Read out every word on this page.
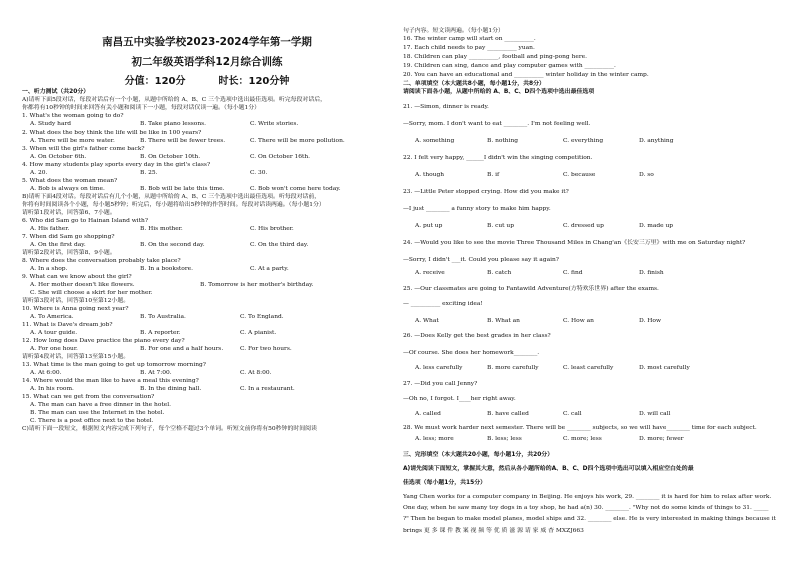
南昌五中实验学校2023-2024学年第一学期
初二年级英语学科12月综合训练
分值：120分	时长：120分钟
一、听力测试（共20分）
A)请听下面5段对话，每段对话后有一个小题，从题中所给的 A、B、C 三个选项中选出最佳选项。听完每段对话后，
你都将有10秒钟的时间来回答有关小题和阅读下一小题，每段对话仅读一遍。（每小题1分）
1. What's the woman going to do?
A. Study hard	B. Take piano lessons.	C. Write stories.
2. What does the boy think the life will be like in 100 years?
A. There will be more water.	B. There will be fewer trees.	C. There will be more pollution.
3. When will the girl's father come back?
A. On October 6th.	B. On October 10th.	C. On October 16th.
4. How many students play sports every day in the girl's class?
A. 20.	B. 25.	C. 30.
5. What does the woman mean?
A. Bob is always on time.	B. Bob will be late this time.	C. Bob won't come here today.
B)请听下面4段对话。每段对话后有几个小题，从题中所给的 A、B、C 三个选项中选出最佳选项。听每段对话前，
你将有时间阅读各个小题，每小题5秒钟；听完后，每小题将给出5秒钟的作答时间。每段对话读两遍。（每小题1分）
请听第1段对话，回答第6、7小题。
6. Who did Sam go to Hainan Island with?
A. His father.	B. His mother.	C. His brother.
7. When did Sam go shopping?
A. On the first day.	B. On the second day.	C. On the third day.
请听第2段对话，回答第8、9小题。
8. Where does the conversation probably take place?
A. In a shop.	B. In a bookstore.	C. At a party.
9. What can we know about the girl?
A. Her mother doesn't like flowers.	B. Tomorrow is her mother's birthday.
C. She will choose a skirt for her mother.
请听第3段对话，回答第10至第12小题。
10. Where is Anna going next year?
A. To America.	B. To Australia.	C. To England.
11. What is Dave's dream job?
A. A tour guide.	B. A reporter.	C. A pianist.
12. How long does Dave practice the piano every day?
A. For one hour.	B. For one and a half hours.	C. For two hours.
请听第4段对话，回答第13至第15小题。
13. What time is the man going to get up tomorrow morning?
A. At 6:00.	B. At 7:00.	C. At 8:00.
14. Where would the man like to have a meal this evening?
A. In his room.	B. In the dining hall.	C. In a restaurant.
15. What can we get from the conversation?
A. The man can have a free dinner in the hotel.
B. The man can use the Internet in the hotel.
C. There is a post office next to the hotel.
C)请听下面一段短文，根据短文内容完成下列句子，每个空格不超过3个单词。听短文前你将有50秒钟的时间阅读
句子内容。短文读两遍。（每小题1分）
16. The winter camp will start on __________.
17. Each child needs to pay __________ yuan.
18. Children can play __________, football and ping-pong here.
19. Children can sing, dance and play computer games with __________.
20. You can have an educational and __________ winter holiday in the winter camp.
二、单项填空（本大题共8小题，每小题1分，共8分）
请阅读下面各小题，从题中所给的 A、B、C、D四个选项中选出最佳选项
21. —Simon, dinner is ready.
—Sorry, mom. I don't want to eat ________. I'm not feeling well.
A. something	B. nothing	C. everything	D. anything
22. I felt very happy, ______I didn't win the singing competition.
A. though	B. if	C. because	D. so
23. —Little Peter stopped crying. How did you make it?
—I just ________ a funny story to make him happy.
A. put up	B. cut up	C. dressed up	D. made up
24. —Would you like to see the movie Three Thousand Miles in Chang'an《长安三万里》with me on Saturday night?
—Sorry, I didn't ___it. Could you please say it again?
A. receive	B. catch	C. find	D. finish
25. —Our classmates are going to Fantawild Adventure(方特欢乐世界) after the exams.
— __________ exciting idea!
A. What	B. What an	C. How an	D. How
26. —Does Kelly get the best grades in her class?
—Of course. She does her homework________.
A. less carefully	B. more carefully	C. least carefully	D. most carefully
27. —Did you call Jenny?
—Oh no, I forgot. I____her right away.
A. called	B. have called	C. call	D. will call
28. We must work harder next semester. There will be ________ subjects, so we will have________ time for each subject.
A. less; more	B. less; less	C. more; less	D. more; fewer
三、完形填空（本大题共20小题，每小题1分，共20分）
A)请先阅读下面短文，掌握其大意，然后从各小题所给的A、B、C、D四个选项中选出可以填入相应空白处的最
佳选项（每小题1分，共15分）
Yang Chen works for a computer company in Beijing. He enjoys his work, 29. ________ it is hard for him to relax after work.
One day, when he saw many toy dogs in a toy shop, he had a(n) 30. ________. "Why not do some kinds of things to 31. _____
?" Then he began to make model planes, model ships and 32. ________ else. He is very interested in making things because it
brings 更 多 课 件 教 案 视 频 等 优 质 滋 源 请 家 威 杳 MXZJ663
